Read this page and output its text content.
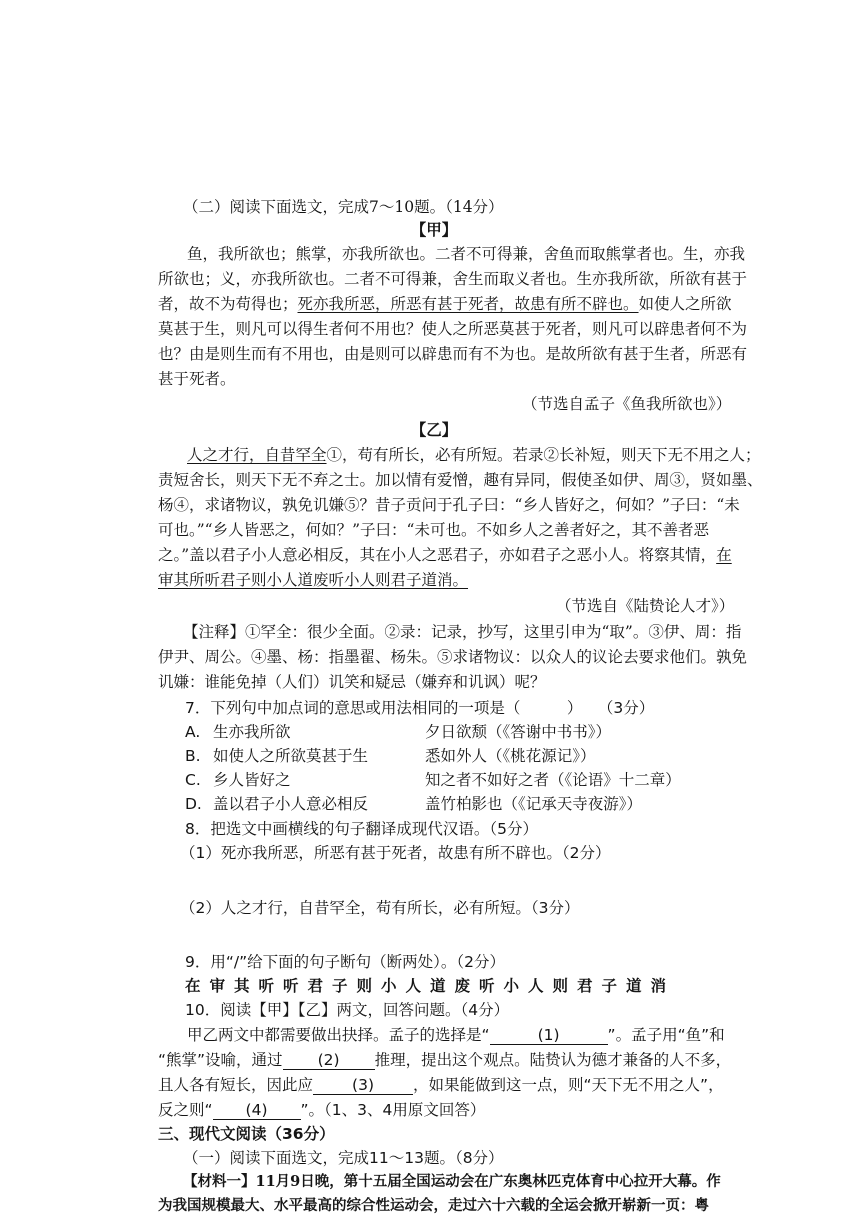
（二）阅读下面选文，完成7～10题。（14分）
【甲】
鱼，我所欲也；熊掌，亦我所欲也。二者不可得兼，舍鱼而取熊掌者也。生，亦我
所欲也；义，亦我所欲也。二者不可得兼，舍生而取义者也。生亦我所欲，所欲有甚于
者，故不为苟得也；死亦我所恶，所恶有甚于死者，故患有所不辟也。如使人之所欲
莫甚于生，则凡可以得生者何不用也？使人之所恶莫甚于死者，则凡可以辟患者何不为
也？由是则生而有不用也，由是则可以辟患而有不为也。是故所欲有甚于生者，所恶有
甚于死者。
（节选自孟子《鱼我所欲也》）
【乙】
人之才行，自昔罕全①，苟有所长，必有所短。若录②长补短，则天下无不用之人；
责短舍长，则天下无不弃之士。加以情有爱憎，趣有异同，假使圣如伊、周③，贤如墨、
杨④，求诸物议，孰免讥嫌⑤？昔子贡问于孔子曰：“乡人皆好之，何如？”子曰：“未
可也。”“乡人皆恶之，何如？”子曰：“未可也。不如乡人之善者好之，其不善者恶
之。”盖以君子小人意必相反，其在小人之恶君子，亦如君子之恶小人。将察其情，在
审其所听君子则小人道废听小人则君子道消。
（节选自《陆贽论人才》）
【注释】①罕全：很少全面。②录：记录，抄写，这里引申为“取”。③伊、周：指
伊尹、周公。④墨、杨：指墨翟、杨朱。⑤求诸物议：以众人的议论去要求他们。孰免
讥嫌：谁能免掉（人们）讥笑和疑忌（嫌弃和讥讽）呢？
7．下列句中加点词的意思或用法相同的一项是（　　　）　　（3分）
A. 生亦我所欲	夕日欲颓（《答谢中书书》）
B. 如使人之所欲莫甚于生	悉如外人（《桃花源记》）
C. 乡人皆好之	知之者不如好之者（《论语》十二章）
D. 盖以君子小人意必相反	盖竹柏影也（《记承天寺夜游》）
8．把选文中画横线的句子翻译成现代汉语。（5分）
（1）死亦我所恶，所恶有甚于死者，故患有所不辟也。（2分）
（2）人之才行，自昔罕全，苟有所长，必有所短。（3分）
9．用“/”给下面的句子断句（断两处）。（2分）
在审其听听君子则小人道废听小人则君子道消
10．阅读【甲】【乙】两文，回答问题。（4分）
甲乙两文中都需要做出抉择。孟子的选择是“	(1)	”。孟子用“鱼”和
“熊掌”设喻，通过 (2) 推理，提出这个观点。陆贽认为德才兼备的人不多，
且人各有短长，因此应	(3)	，如果能做到这一点，则“天下无不用之人”，
反之则“ (4) ”。（1、3、4用原文回答）
三、现代文阅读（36分）
（一）阅读下面选文，完成11～13题。（8分）
【材料一】11月9日晚，第十五届全国运动会在广东奥林匹克体育中心拉开大幕。作
为我国规模最大、水平最高的综合性运动会，走过六十六载的全运会掀开崭新一页：粤
